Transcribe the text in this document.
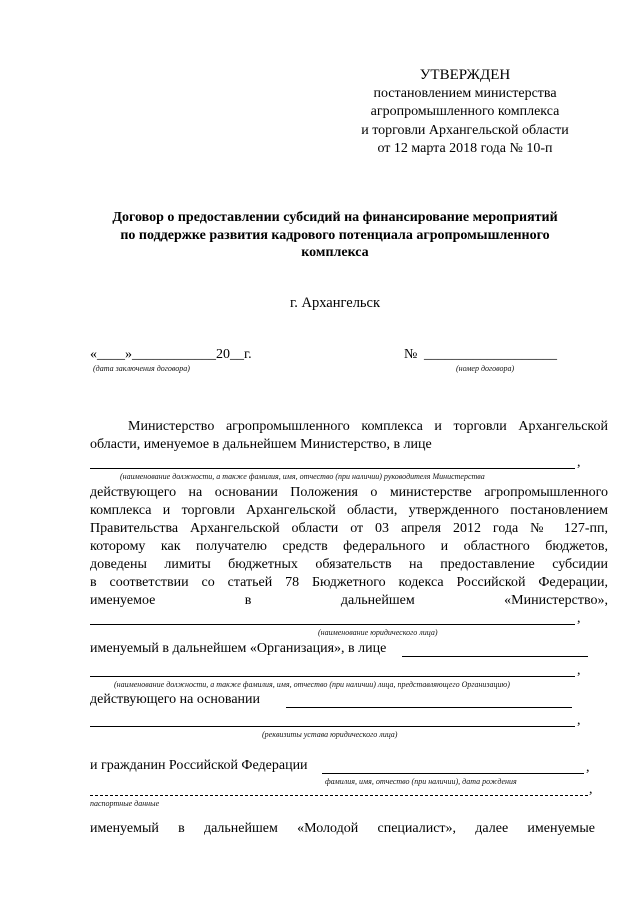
УТВЕРЖДЕН
постановлением министерства
агропромышленного комплекса
и торговли Архангельской области
от 12 марта 2018 года № 10-п
Договор о предоставлении субсидий на финансирование мероприятий
по поддержке развития кадрового потенциала агропромышленного
комплекса
г. Архангельск
«____»____________20__г.
(дата заключения договора)
№ ___________________
(номер договора)
Министерство агропромышленного комплекса и торговли Архангельской
области, именуемое в дальнейшем Министерство, в лице
,
(наименование должности, а также фамилия, имя, отчество (при наличии) руководителя Министерства
действующего на основании Положения о министерстве агропромышленного
комплекса и торговли Архангельской области, утвержденного постановлением
Правительства Архангельской области от 03 апреля 2012 года № 127-пп,
которому как получателю средств федерального и областного бюджетов,
доведены лимиты бюджетных обязательств на предоставление субсидии
в соответствии со статьей 78 Бюджетного кодекса Российской Федерации,
именуемое в дальнейшем «Министерство»,
,
(наименование юридического лица)
именуемый в дальнейшем «Организация», в лице
,
(наименование должности, а также фамилия, имя, отчество (при наличии) лица, представляющего Организацию)
действующего на основании
,
(реквизиты устава юридического лица)
и гражданин Российской Федерации	,
фамилия, имя, отчество (при наличии), дата рождения
,
паспортные данные
именуемый в дальнейшем «Молодой специалист», далее именуемые
